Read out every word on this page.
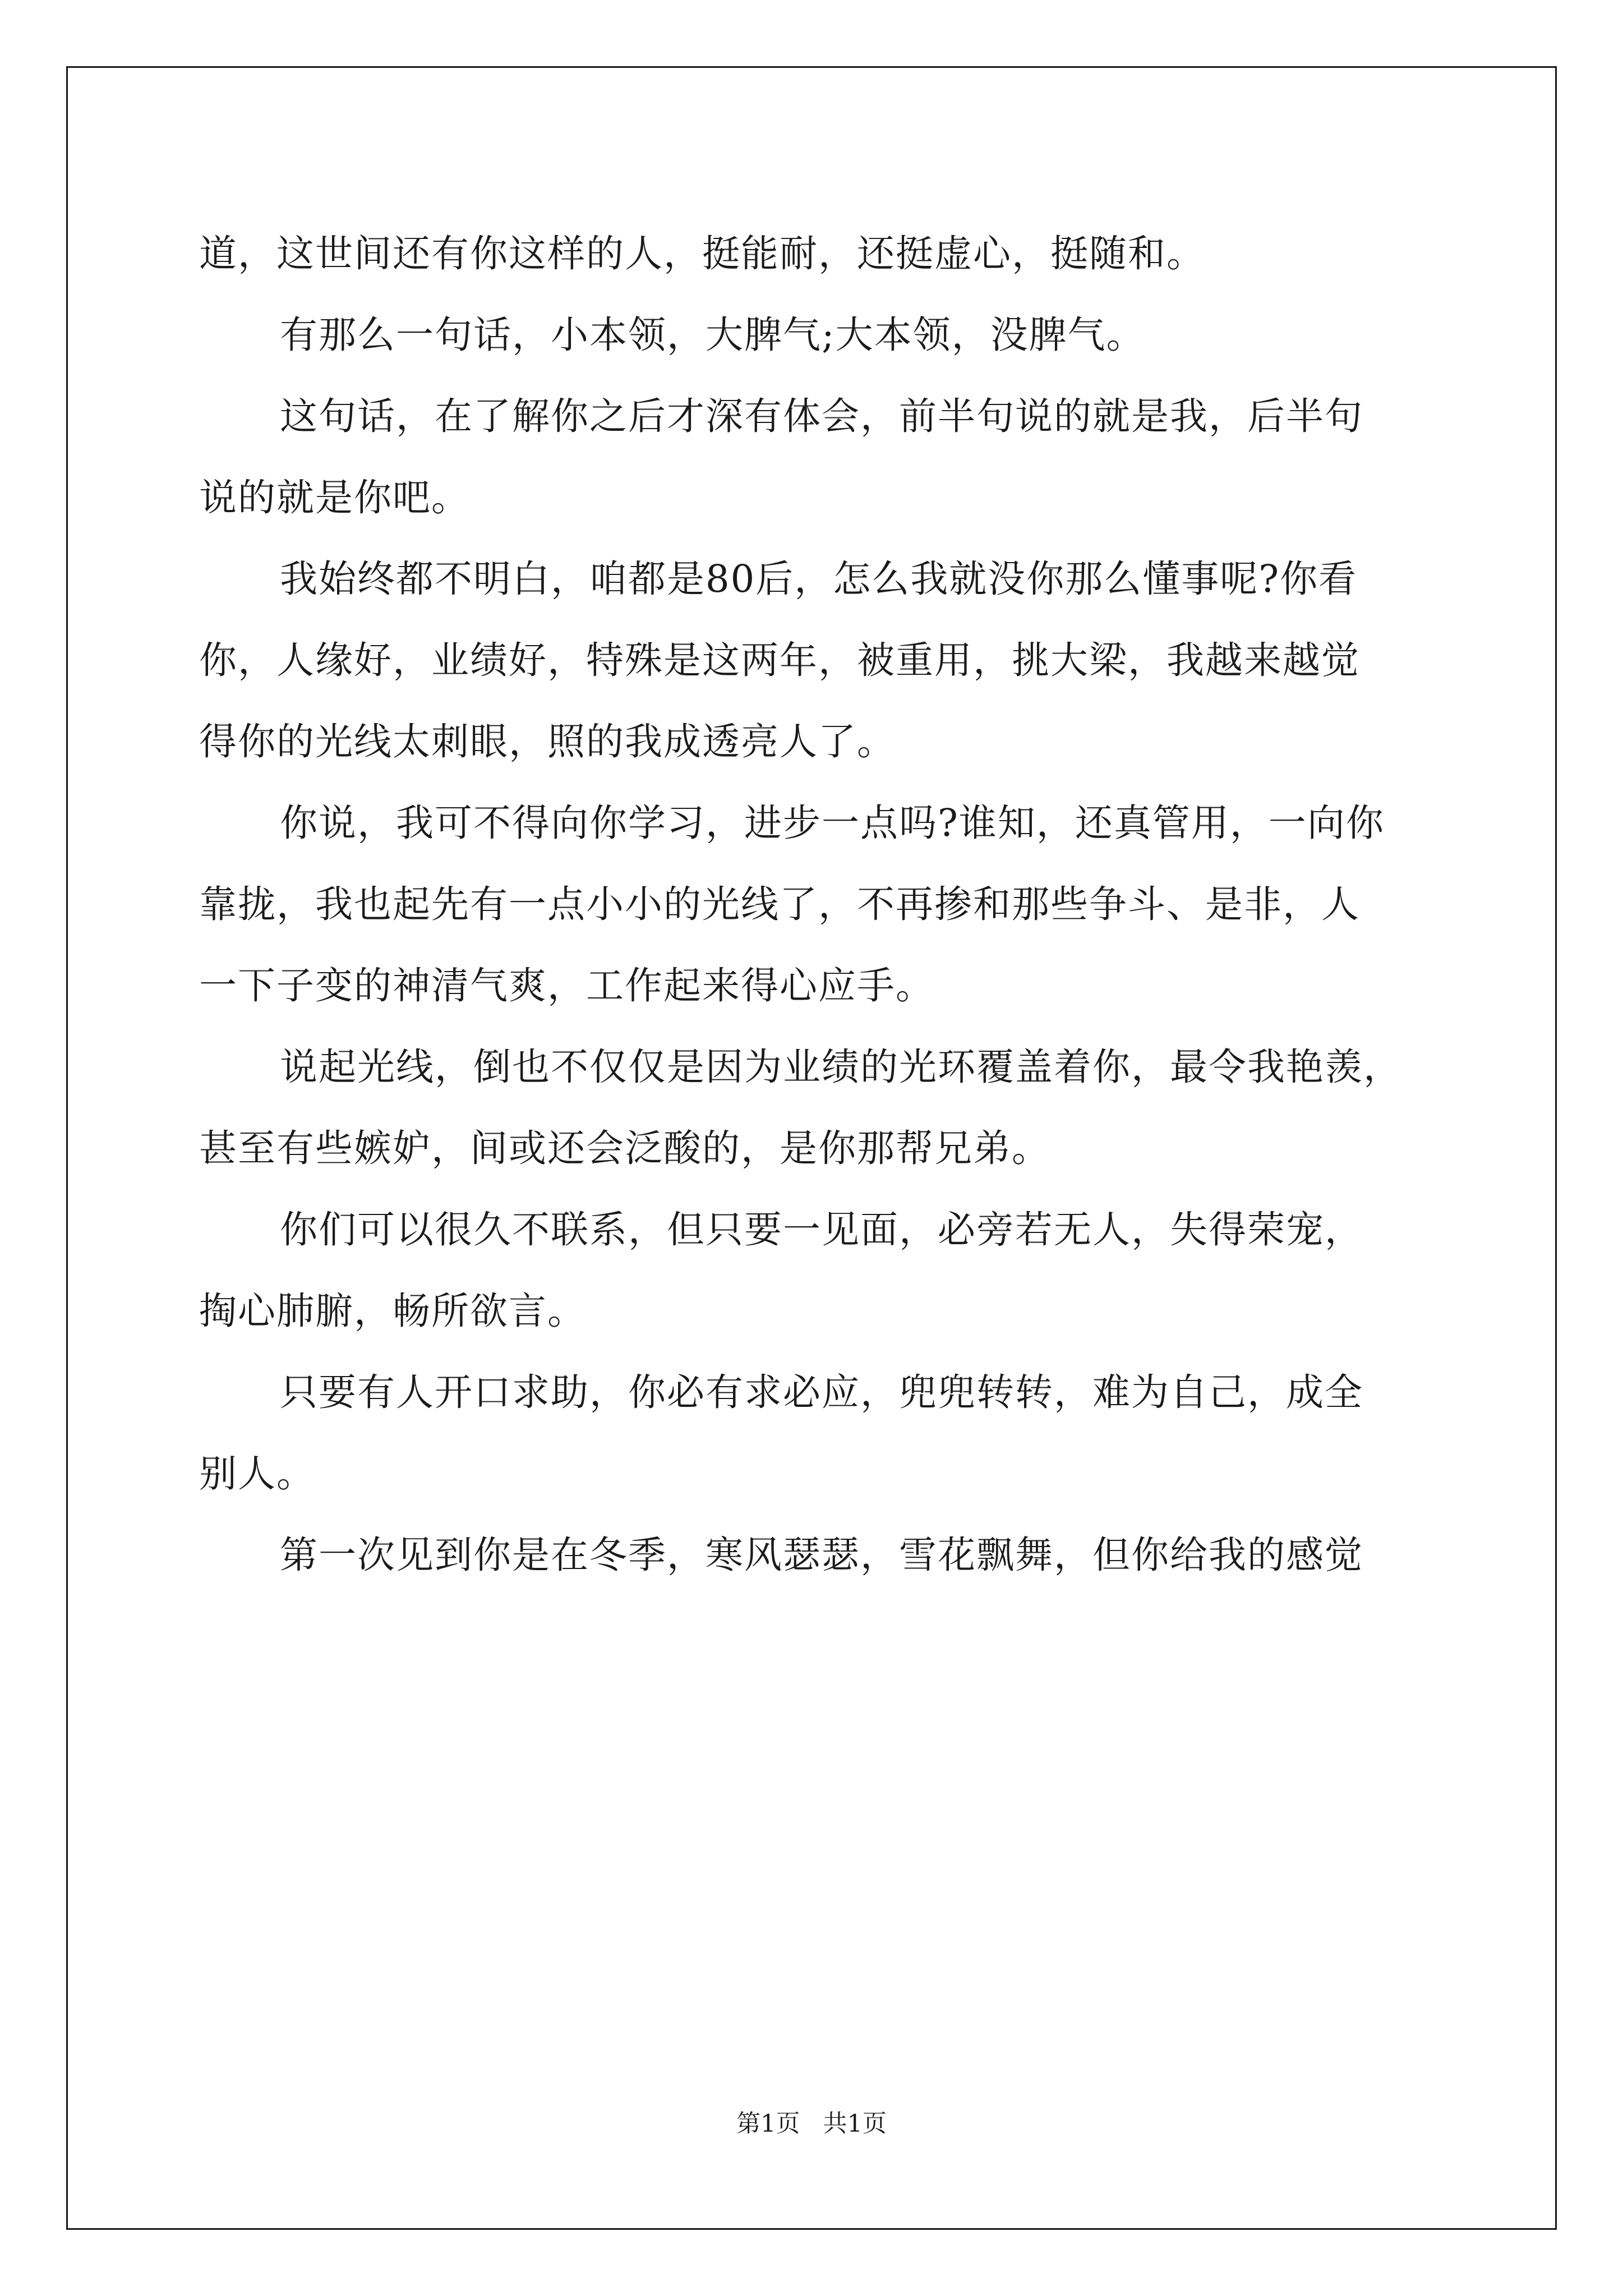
道，这世间还有你这样的人，挺能耐，还挺虚心，挺随和。
有那么一句话，小本领，大脾气;大本领，没脾气。
这句话，在了解你之后才深有体会，前半句说的就是我，后半句
说的就是你吧。
我始终都不明白，咱都是80后，怎么我就没你那么懂事呢?你看
你，人缘好，业绩好，特殊是这两年，被重用，挑大梁，我越来越觉
得你的光线太刺眼，照的我成透亮人了。
你说，我可不得向你学习，进步一点吗?谁知，还真管用，一向你
靠拢，我也起先有一点小小的光线了，不再掺和那些争斗、是非，人
一下子变的神清气爽，工作起来得心应手。
说起光线，倒也不仅仅是因为业绩的光环覆盖着你，最令我艳羡，
甚至有些嫉妒，间或还会泛酸的，是你那帮兄弟。
你们可以很久不联系，但只要一见面，必旁若无人，失得荣宠，
掏心肺腑，畅所欲言。
只要有人开口求助，你必有求必应，兜兜转转，难为自己，成全
别人。
第一次见到你是在冬季，寒风瑟瑟，雪花飘舞，但你给我的感觉
第1页 共1页
